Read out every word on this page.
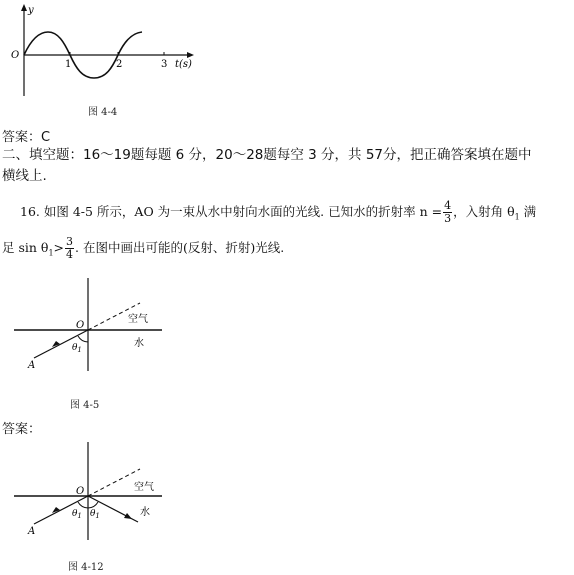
y
O
1	2	3 t(s)
图 4-4
答案：C
二、填空题：16～19题每题 6 分，20～28题每空 3 分，共 57分，把正确答案填在题中
横线上.
16. 如图 4-5 所示，AO 为一束从水中射向水面的光线. 已知水的折射率 $n = \frac{4}{3}$ ，入射角 $\theta_1$ 满
足 $\sin \theta_1> \frac{3}{4}$ . 在图中画出可能的(反射、折射)光线.
O
空气
水
A
$\theta_1$
图 4-5
答案：
O	空气
水
A
$\theta_1$ $\theta_1$
图 4-12
